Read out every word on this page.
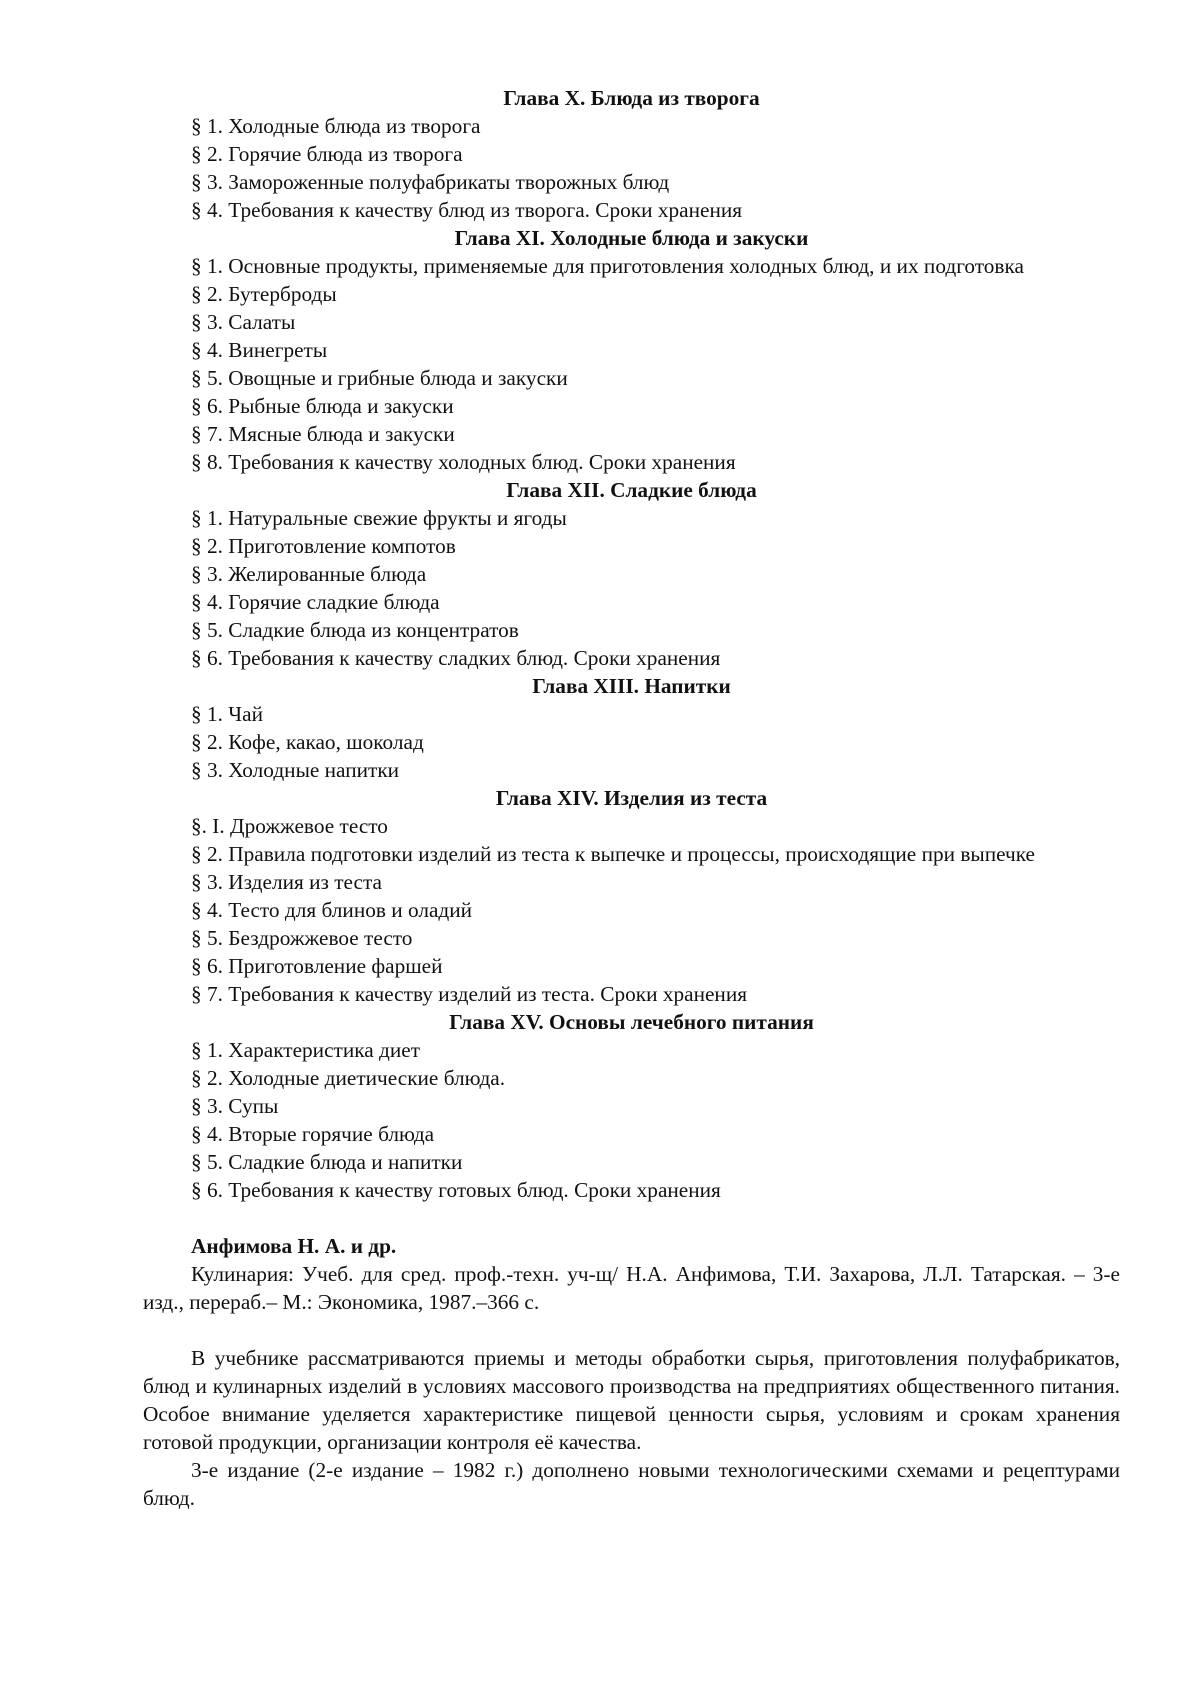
Глава X. Блюда из творога
§ 1. Холодные блюда из творога
§ 2. Горячие блюда из творога
§ 3. Замороженные полуфабрикаты творожных блюд
§ 4. Требования к качеству блюд из творога. Сроки хранения
Глава XI. Холодные блюда и закуски
§ 1. Основные продукты, применяемые для приготовления холодных блюд, и их подготовка
§ 2. Бутерброды
§ 3. Салаты
§ 4. Винегреты
§ 5. Овощные и грибные блюда и закуски
§ 6. Рыбные блюда и закуски
§ 7. Мясные блюда и закуски
§ 8. Требования к качеству холодных блюд. Сроки хранения
Глава XII. Сладкие блюда
§ 1. Натуральные свежие фрукты и ягоды
§ 2. Приготовление компотов
§ 3. Желированные блюда
§ 4. Горячие сладкие блюда
§ 5. Сладкие блюда из концентратов
§ 6. Требования к качеству сладких блюд. Сроки хранения
Глава XIII. Напитки
§ 1. Чай
§ 2. Кофе, какао, шоколад
§ 3. Холодные напитки
Глава XIV. Изделия из теста
§. I. Дрожжевое тесто
§ 2. Правила подготовки изделий из теста к выпечке и процессы, происходящие при выпечке
§ 3. Изделия из теста
§ 4. Тесто для блинов и оладий
§ 5. Бездрожжевое тесто
§ 6. Приготовление фаршей
§ 7. Требования к качеству изделий из теста. Сроки хранения
Глава XV. Основы лечебного питания
§ 1. Характеристика диет
§ 2. Холодные диетические блюда.
§ 3. Супы
§ 4. Вторые горячие блюда
§ 5. Сладкие блюда и напитки
§ 6. Требования к качеству готовых блюд. Сроки хранения
Анфимова Н. А. и др.
Кулинария: Учеб. для сред. проф.-техн. уч-щ/ Н.А. Анфимова, Т.И. Захарова, Л.Л. Татарская. – 3-е изд., перераб.– М.: Экономика, 1987.–366 с.
В учебнике рассматриваются приемы и методы обработки сырья, приготовления полуфабрикатов, блюд и кулинарных изделий в условиях массового производства на предприятиях общественного питания. Особое внимание уделяется характеристике пищевой ценности сырья, условиям и срокам хранения готовой продукции, организации контроля её качества.
3-е издание (2-е издание – 1982 г.) дополнено новыми технологическими схемами и рецептурами блюд.
